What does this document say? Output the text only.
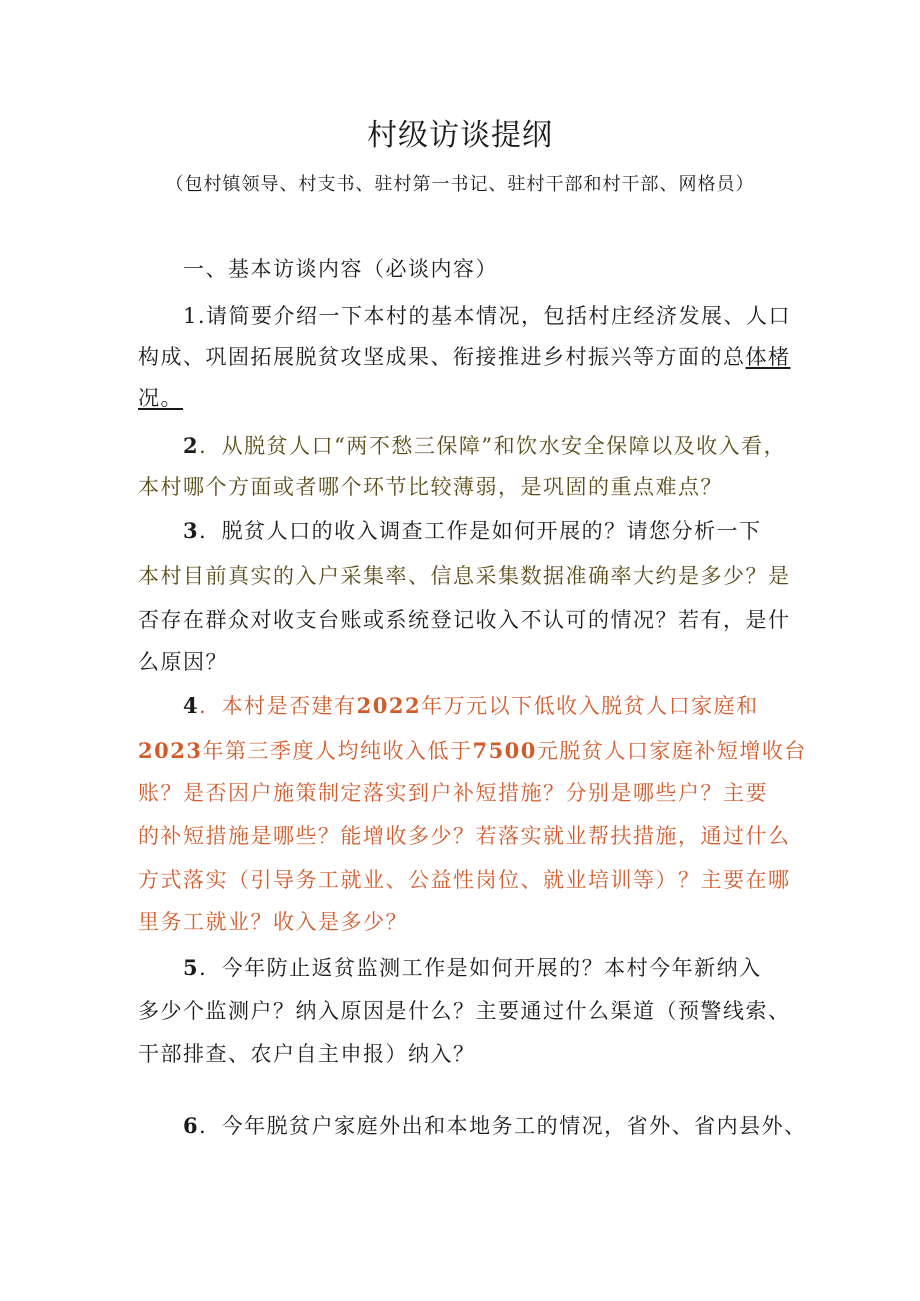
村级访谈提纲
（包村镇领导、村支书、驻村第一书记、驻村干部和村干部、网格员）
一、基本访谈内容（必谈内容）
1.请简要介绍一下本村的基本情况，包括村庄经济发展、人口
构成、巩固拓展脱贫攻坚成果、衔接推进乡村振兴等方面的总体楮
况。
2．从脱贫人口“两不愁三保障”和饮水安全保障以及收入看，
本村哪个方面或者哪个环节比较薄弱，是巩固的重点难点？
3．脱贫人口的收入调查工作是如何开展的？请您分析一下
本村目前真实的入户采集率、信息采集数据准确率大约是多少？是
否存在群众对收支台账或系统登记收入不认可的情况？若有，是什
么原因？
4．本村是否建有2022年万元以下低收入脱贫人口家庭和
2023年第三季度人均纯收入低于7500元脱贫人口家庭补短增收台
账？是否因户施策制定落实到户补短措施？分别是哪些户？主要
的补短措施是哪些？能增收多少？若落实就业帮扶措施，通过什么
方式落实（引导务工就业、公益性岗位、就业培训等）？主要在哪
里务工就业？收入是多少？
5．今年防止返贫监测工作是如何开展的？本村今年新纳入
多少个监测户？纳入原因是什么？主要通过什么渠道（预警线索、
干部排查、农户自主申报）纳入？
6．今年脱贫户家庭外出和本地务工的情况，省外、省内县外、
